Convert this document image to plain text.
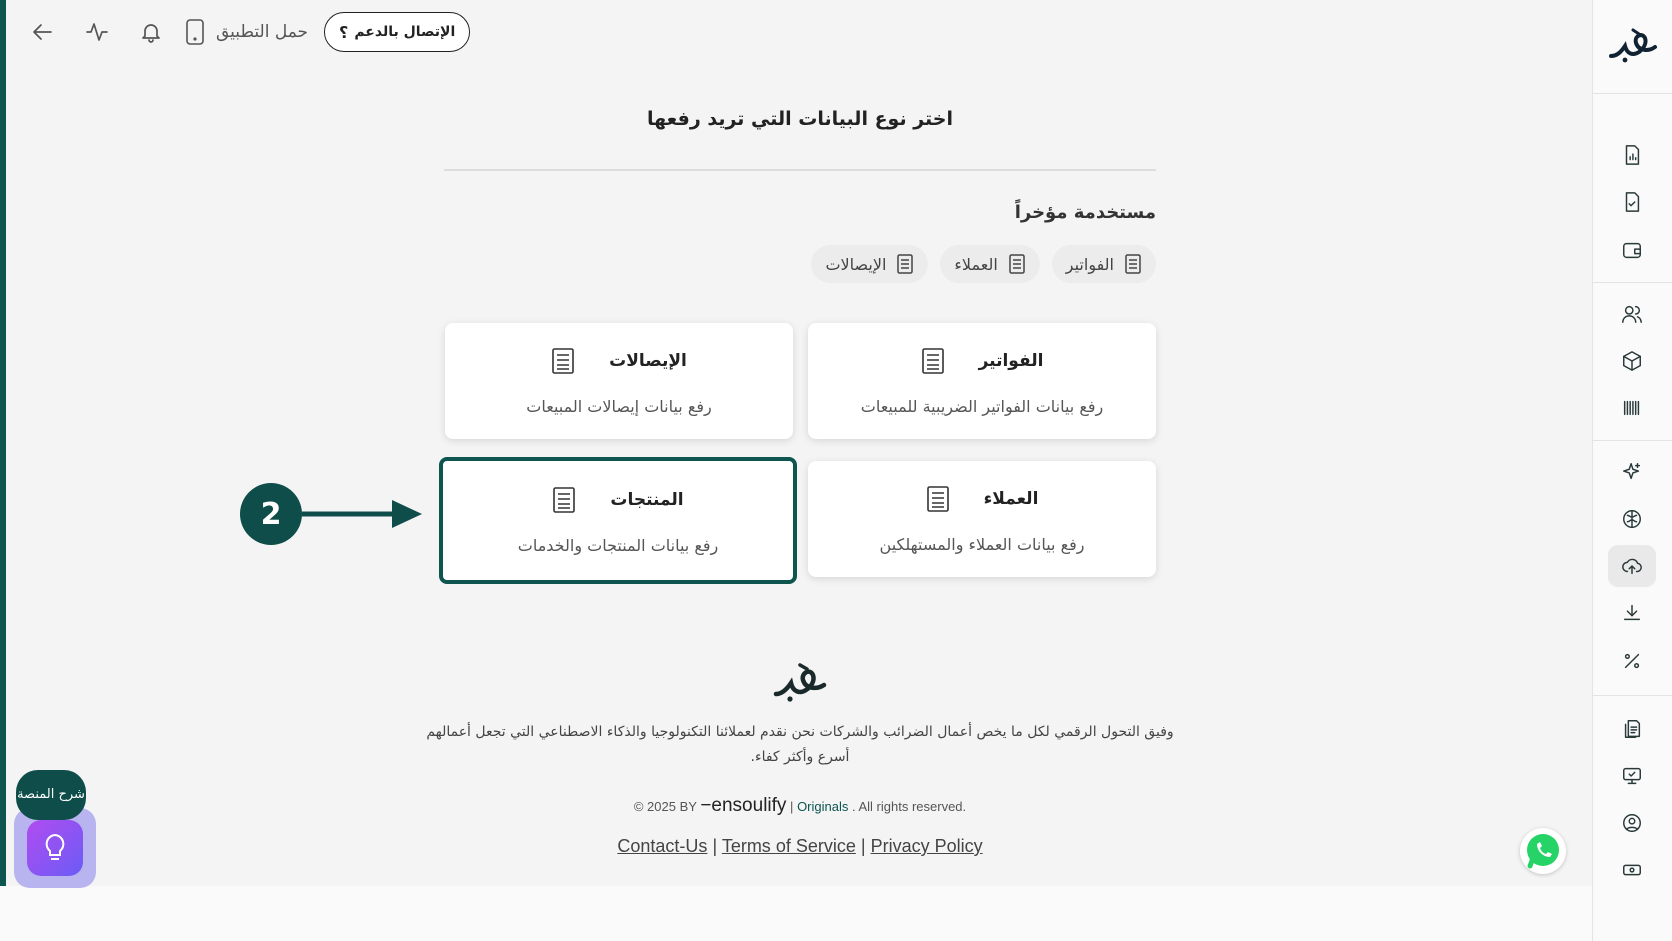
حمل التطبيق	الإتصال بالدعم
؟
اختر نوع البيانات التي تريد رفعها
مستخدمة مؤخراً
الفواتير
العملاء
الإيصالات
الفواتير
رفع بيانات الفواتير الضريبية للمبيعات
الإيصالات
رفع بيانات إيصالات المبيعات
العملاء
رفع بيانات العملاء والمستهلكين
المنتجات
رفع بيانات المنتجات والخدمات
2
وفيق التحول الرقمي لكل ما يخص أعمال الضرائب والشركات نحن نقدم لعملائنا التكنولوجيا والذكاء الاصطناعي التي تجعل أعمالهم أسرع وأكثر كفاء.
© 2025 BY −ensoulify | Originals . All rights reserved.
Contact-Us | Terms of Service | Privacy Policy
شرح المنصة
